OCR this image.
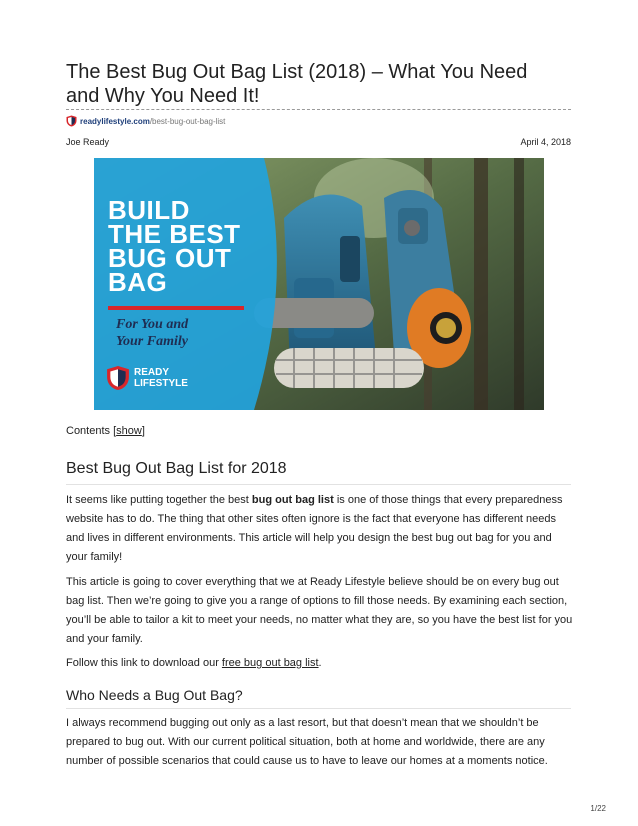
The Best Bug Out Bag List (2018) – What You Need and Why You Need It!
readylifestyle.com /best-bug-out-bag-list
Joe Ready	April 4, 2018
BUILD
THE BEST
BUG OUT
BAG
For You and
Your Family
READY
LIFESTYLE
Contents [show]
Best Bug Out Bag List for 2018

It seems like putting together the best bug out bag list is one of those things that every preparedness website has to do. The thing that other sites often ignore is the fact that everyone has different needs and lives in different environments. This article will help you design the best bug out bag for you and your family!

This article is going to cover everything that we at Ready Lifestyle believe should be on every bug out bag list. Then we’re going to give you a range of options to fill those needs. By examining each section, you’ll be able to tailor a kit to meet your needs, no matter what they are, so you have the best list for you and your family.

Follow this link to download our free bug out bag list.

Who Needs a Bug Out Bag?

I always recommend bugging out only as a last resort, but that doesn’t mean that we shouldn’t be prepared to bug out. With our current political situation, both at home and worldwide, there are any number of possible scenarios that could cause us to have to leave our homes at a moments notice.

1/22
